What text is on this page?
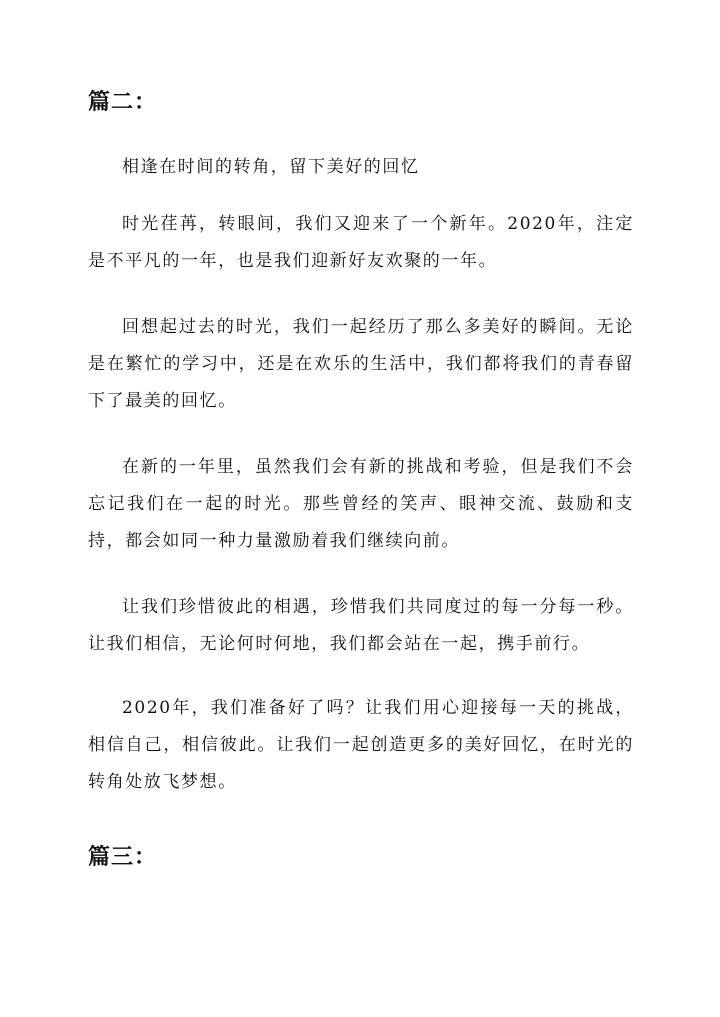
篇二：

相逢在时间的转角，留下美好的回忆

时光荏苒，转眼间，我们又迎来了一个新年。2020年，注定是不平凡的一年，也是我们迎新好友欢聚的一年。

回想起过去的时光，我们一起经历了那么多美好的瞬间。无论是在繁忙的学习中，还是在欢乐的生活中，我们都将我们的青春留下了最美的回忆。

在新的一年里，虽然我们会有新的挑战和考验，但是我们不会忘记我们在一起的时光。那些曾经的笑声、眼神交流、鼓励和支持，都会如同一种力量激励着我们继续向前。

让我们珍惜彼此的相遇，珍惜我们共同度过的每一分每一秒。让我们相信，无论何时何地，我们都会站在一起，携手前行。

2020年，我们准备好了吗？让我们用心迎接每一天的挑战，相信自己，相信彼此。让我们一起创造更多的美好回忆，在时光的转角处放飞梦想。

篇三：
